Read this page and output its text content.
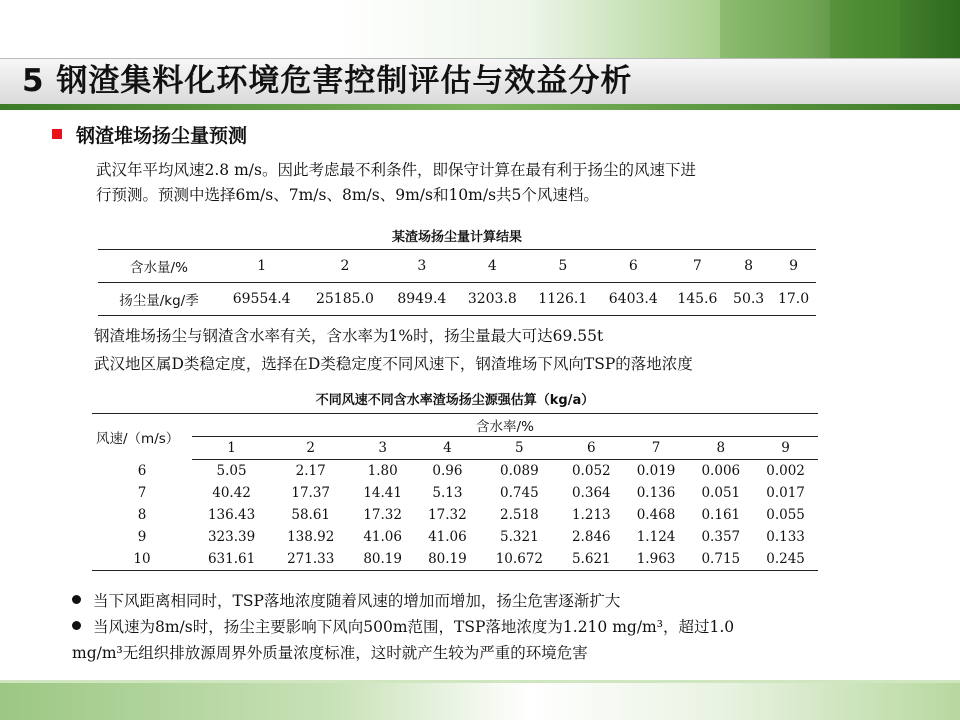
5 钢渣集料化环境危害控制评估与效益分析
钢渣堆场扬尘量预测
武汉年平均风速2.8 m/s。因此考虑最不利条件，即保守计算在最有利于扬尘的风速下进
行预测。预测中选择6m/s、7m/s、8m/s、9m/s和10m/s共5个风速档。
某渣场扬尘量计算结果
含水量/%	1	2	3	4	5	6	7	8	9
扬尘量/kg/季	69554.4	25185.0	8949.4	3203.8	1126.1	6403.4	145.6	50.3	17.0
钢渣堆场扬尘与钢渣含水率有关，含水率为1%时，扬尘量最大可达69.55t
武汉地区属D类稳定度，选择在D类稳定度不同风速下，钢渣堆场下风向TSP的落地浓度
不同风速不同含水率渣场扬尘源强估算（kg/a）
风速/（m/s）	含水率/%								
	1	2	3	4	5	6	7	8	9
6	5.05	2.17	1.80	0.96	0.089	0.052	0.019	0.006	0.002
7	40.42	17.37	14.41	5.13	0.745	0.364	0.136	0.051	0.017
8	136.43	58.61	17.32	17.32	2.518	1.213	0.468	0.161	0.055
9	323.39	138.92	41.06	41.06	5.321	2.846	1.124	0.357	0.133
10	631.61	271.33	80.19	80.19	10.672	5.621	1.963	0.715	0.245
当下风距离相同时，TSP落地浓度随着风速的增加而增加，扬尘危害逐渐扩大
当风速为8m/s时，扬尘主要影响下风向500m范围，TSP落地浓度为1.210 mg/m³，超过1.0
mg/m³无组织排放源周界外质量浓度标准，这时就产生较为严重的环境危害
